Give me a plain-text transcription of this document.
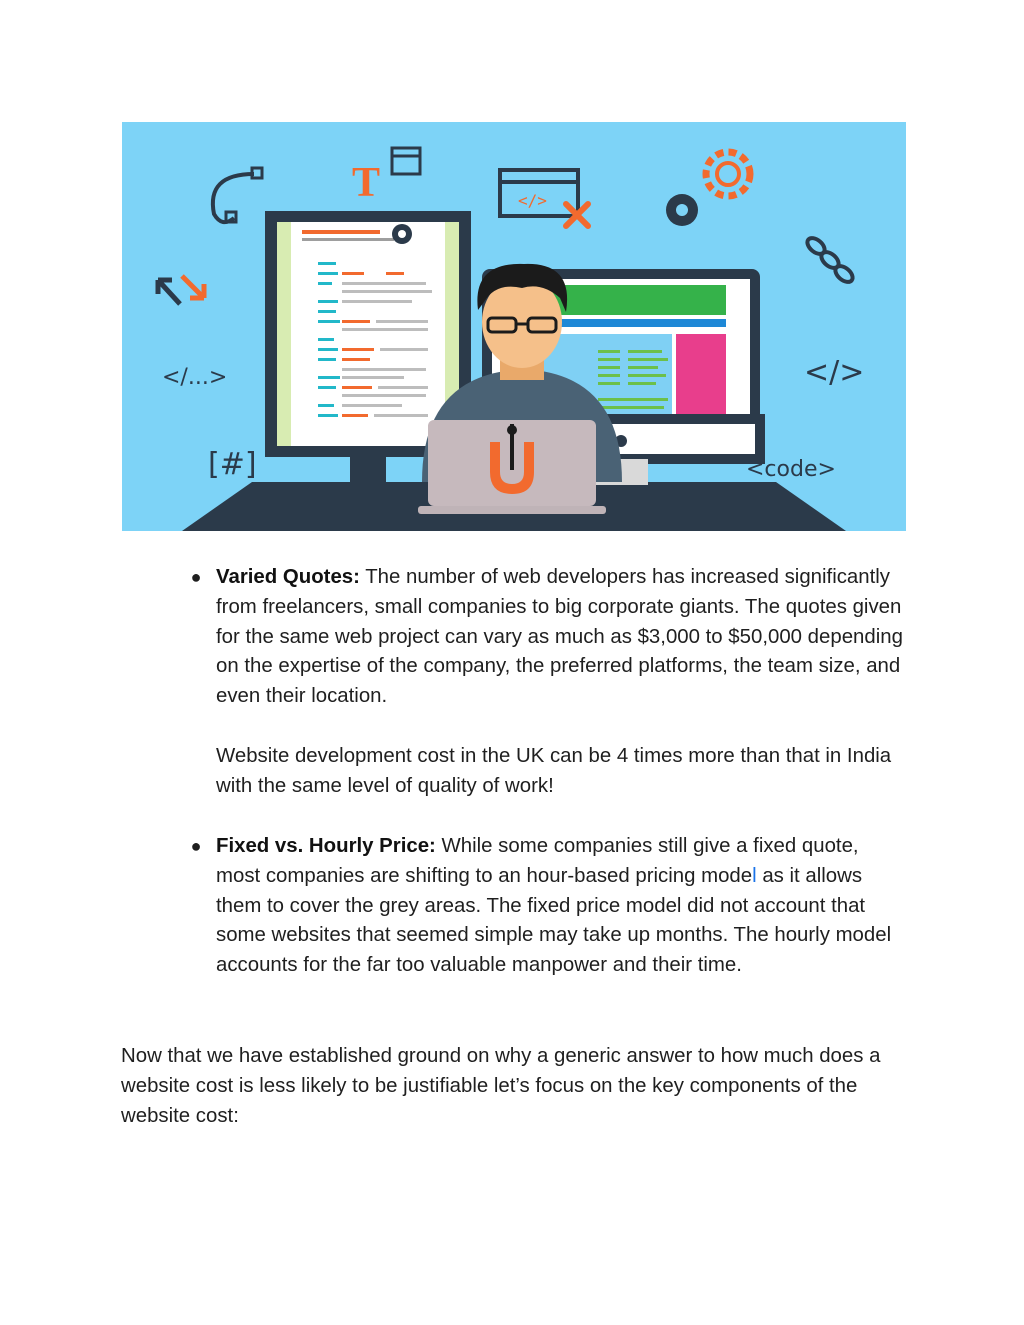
T	</>
</...>
[#]
</>
<code>
● Varied Quotes: The number of web developers has increased significantly from freelancers, small companies to big corporate giants. The quotes given for the same web project can vary as much as $3,000 to $50,000 depending on the expertise of the company, the preferred platforms, the team size, and even their location.

Website development cost in the UK can be 4 times more than that in India with the same level of quality of work!

● Fixed vs. Hourly Price: While some companies still give a fixed quote, most companies are shifting to an hour-based pricing model as it allows them to cover the grey areas. The fixed price model did not account that some websites that seemed simple may take up months. The hourly model accounts for the far too valuable manpower and their time.

Now that we have established ground on why a generic answer to how much does a website cost is less likely to be justifiable let’s focus on the key components of the website cost:
